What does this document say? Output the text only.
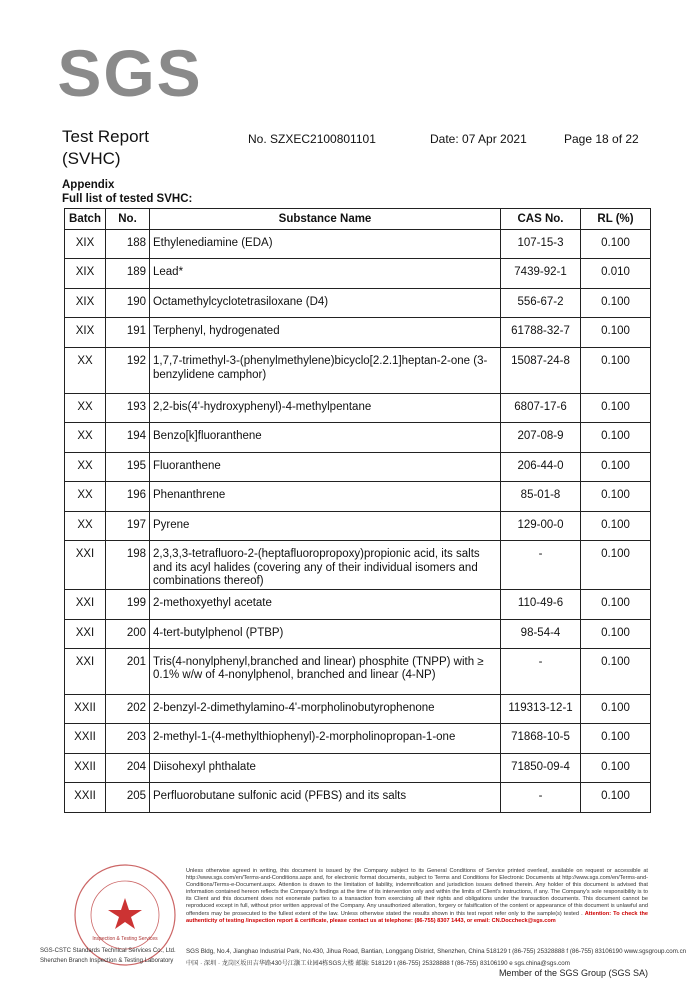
SGS
Test Report
(SVHC)
No. SZXEC2100801101	Date: 07 Apr 2021	Page 18 of 22
Appendix
Full list of tested SVHC:
Batch	No.	Substance Name	CAS No.	RL (%)
XIX	188	Ethylenediamine (EDA)	107-15-3	0.100
XIX	189	Lead*	7439-92-1	0.010
XIX	190	Octamethylcyclotetrasiloxane (D4)	556-67-2	0.100
XIX	191	Terphenyl, hydrogenated	61788-32-7	0.100
XX	192	1,7,7-trimethyl-3-(phenylmethylene)bicyclo[2.2.1]heptan-2-one (3-benzylidene camphor)	15087-24-8	0.100
XX	193	2,2-bis(4'-hydroxyphenyl)-4-methylpentane	6807-17-6	0.100
XX	194	Benzo[k]fluoranthene	207-08-9	0.100
XX	195	Fluoranthene	206-44-0	0.100
XX	196	Phenanthrene	85-01-8	0.100
XX	197	Pyrene	129-00-0	0.100
XXI	198	2,3,3,3-tetrafluoro-2-(heptafluoropropoxy)propionic acid, its salts and its acyl halides (covering any of their individual isomers and combinations thereof)	-	0.100
XXI	199	2-methoxyethyl acetate	110-49-6	0.100
XXI	200	4-tert-butylphenol (PTBP)	98-54-4	0.100
XXI	201	Tris(4-nonylphenyl,branched and linear) phosphite (TNPP) with ≥ 0.1% w/w of 4-nonylphenol, branched and linear (4-NP)	-	0.100
XXII	202	2-benzyl-2-dimethylamino-4'-morpholinobutyrophenone	119313-12-1	0.100
XXII	203	2-methyl-1-(4-methylthiophenyl)-2-morpholinopropan-1-one	71868-10-5	0.100
XXII	204	Diisohexyl phthalate	71850-09-4	0.100
XXII	205	Perfluorobutane sulfonic acid (PFBS) and its salts	-	0.100
Inspection & Testing Services
SGS-CSTC Standards Technical Services Co., Ltd.
Shenzhen Branch Inspection & Testing Laboratory
Unless otherwise agreed in writing, this document is issued by the Company subject to its General Conditions of Service printed overleaf, available on request or accessible at http://www.sgs.com/en/Terms-and-Conditions.aspx and, for electronic format documents, subject to Terms and Conditions for Electronic Documents at http://www.sgs.com/en/Terms-and-Conditions/Terms-e-Document.aspx. Attention is drawn to the limitation of liability, indemnification and jurisdiction issues defined therein. Any holder of this document is advised that information contained hereon reflects the Company's findings at the time of its intervention only and within the limits of Client's instructions, if any. The Company's sole responsibility is to its Client and this document does not exonerate parties to a transaction from exercising all their rights and obligations under the transaction documents. This document cannot be reproduced except in full, without prior written approval of the Company. Any unauthorized alteration, forgery or falsification of the content or appearance of this document is unlawful and offenders may be prosecuted to the fullest extent of the law. Unless otherwise stated the results shown in this test report refer only to the sample(s) tested . Attention: To check the authenticity of testing /inspection report & certificate, please contact us at telephone: (86-755) 8307 1443, or email: CN.Doccheck@sgs.com
SGS Bldg, No.4, Jianghao Industrial Park, No.430, Jihua Road, Bantian, Longgang District, Shenzhen, China 518129 t (86-755) 25328888 f (86-755) 83106190 www.sgsgroup.com.cn
中国 · 深圳 · 龙岗区坂田吉华路430号江灏工业园4栋SGS大楼 邮编: 518129 t (86-755) 25328888 f (86-755) 83106190 e sgs.china@sgs.com
Member of the SGS Group (SGS SA)
